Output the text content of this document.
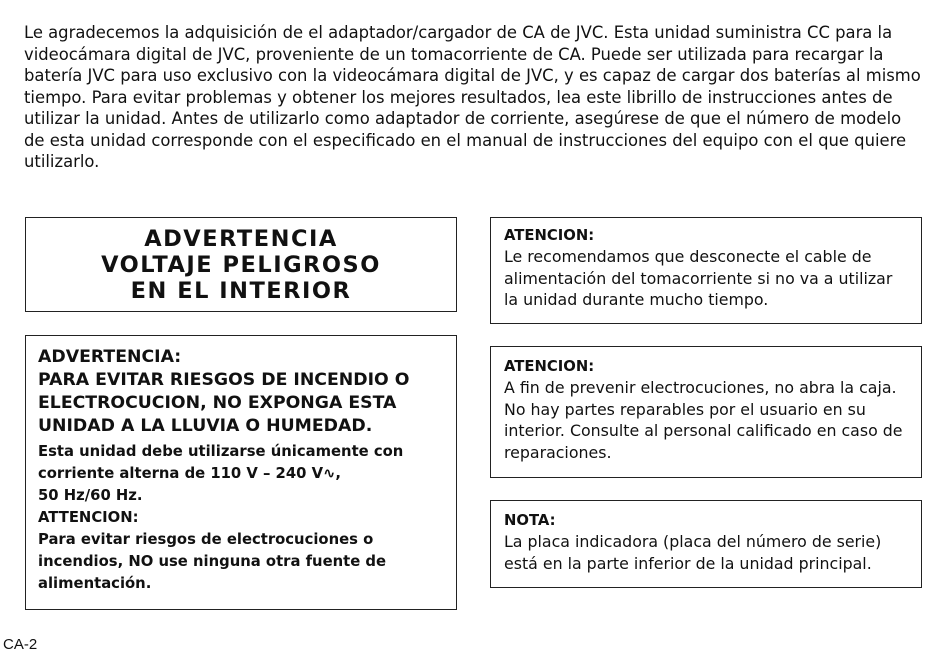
Le agradecemos la adquisición de el adaptador/cargador de CA de JVC. Esta unidad suministra CC para la videocámara digital de JVC, proveniente de un tomacorriente de CA. Puede ser utilizada para recargar la batería JVC para uso exclusivo con la videocámara digital de JVC, y es capaz de cargar dos baterías al mismo tiempo. Para evitar problemas y obtener los mejores resultados, lea este librillo de instrucciones antes de utilizar la unidad. Antes de utilizarlo como adaptador de corriente, asegúrese de que el número de modelo de esta unidad corresponde con el especificado en el manual de instrucciones del equipo con el que quiere utilizarlo.

ADVERTENCIA
VOLTAJE PELIGROSO
EN EL INTERIOR

ADVERTENCIA:

PARA EVITAR RIESGOS DE INCENDIO O ELECTROCUCION, NO EXPONGA ESTA UNIDAD A LA LLUVIA O HUMEDAD.

Esta unidad debe utilizarse únicamente con

corriente alterna de 110 V – 240 V∿,

50 Hz/60 Hz.

ATTENCION:

Para evitar riesgos de electrocuciones o incendios, NO use ninguna otra fuente de alimentación.

ATENCION:

Le recomendamos que desconecte el cable de alimentación del tomacorriente si no va a utilizar la unidad durante mucho tiempo.

ATENCION:

A fin de prevenir electrocuciones, no abra la caja. No hay partes reparables por el usuario en su interior. Consulte al personal calificado en caso de reparaciones.

NOTA:

La placa indicadora (placa del número de serie) está en la parte inferior de la unidad principal.

CA-2
